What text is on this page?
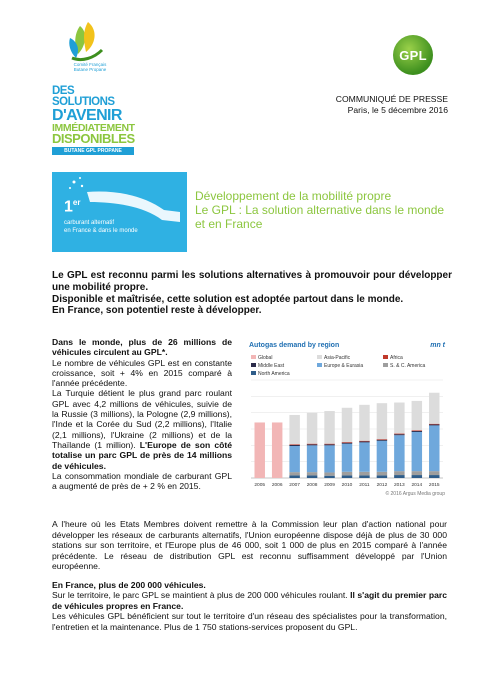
Comité Français
Butane Propane
GPL
DES SOLUTIONS
D'AVENIR
IMMÉDIATEMENT
DISPONIBLES
BUTANE GPL PROPANE
COMMUNIQUÉ DE PRESSE
Paris, le 5 décembre 2016
1er
carburant alternatif
en France & dans le monde
Développement de la mobilité propre
Le GPL : La solution alternative dans le monde et en France
Le GPL est reconnu parmi les solutions alternatives à promouvoir pour développer une mobilité propre.
Disponible et maîtrisée, cette solution est adoptée partout dans le monde.
En France, son potentiel reste à développer.
Dans le monde, plus de 26 millions de véhicules circulent au GPL*.
Le nombre de véhicules GPL est en constante croissance, soit + 4% en 2015 comparé à l'année précédente.
La Turquie détient le plus grand parc roulant GPL avec 4,2 millions de véhicules, suivie de la Russie (3 millions), la Pologne (2,9 millions), l'Inde et la Corée du Sud (2,2 millions), l'Italie (2,1 millions), l'Ukraine (2 millions) et de la Thaïlande (1 million). L'Europe de son côté totalise un parc GPL de près de 14 millions de véhicules.
La consommation mondiale de carburant GPL a augmenté de près de + 2 % en 2015.
Autogas demand by region	mn t
Global	Asia-Pacific	Africa
Middle East	Europe & Eurasia	S. & C. America
North America
2005 2006 2007 2008 2009 2010 2011 2012 2013 2014 2015
© 2016 Argus Media group

A l'heure où les Etats Membres doivent remettre à la Commission leur plan d'action national pour développer les réseaux de carburants alternatifs, l'Union européenne dispose déjà de plus de 30 000 stations sur son territoire, et l'Europe plus de 46 000, soit 1 000 de plus en 2015 comparé à l'année précédente. Le réseau de distribution GPL est reconnu suffisamment développé par l'Union européenne.

En France, plus de 200 000 véhicules.

Sur le territoire, le parc GPL se maintient à plus de 200 000 véhicules roulant. Il s'agit du premier parc de véhicules propres en France.

Les véhicules GPL bénéficient sur tout le territoire d'un réseau des spécialistes pour la transformation, l'entretien et la maintenance. Plus de 1 750 stations-services proposent du GPL.
